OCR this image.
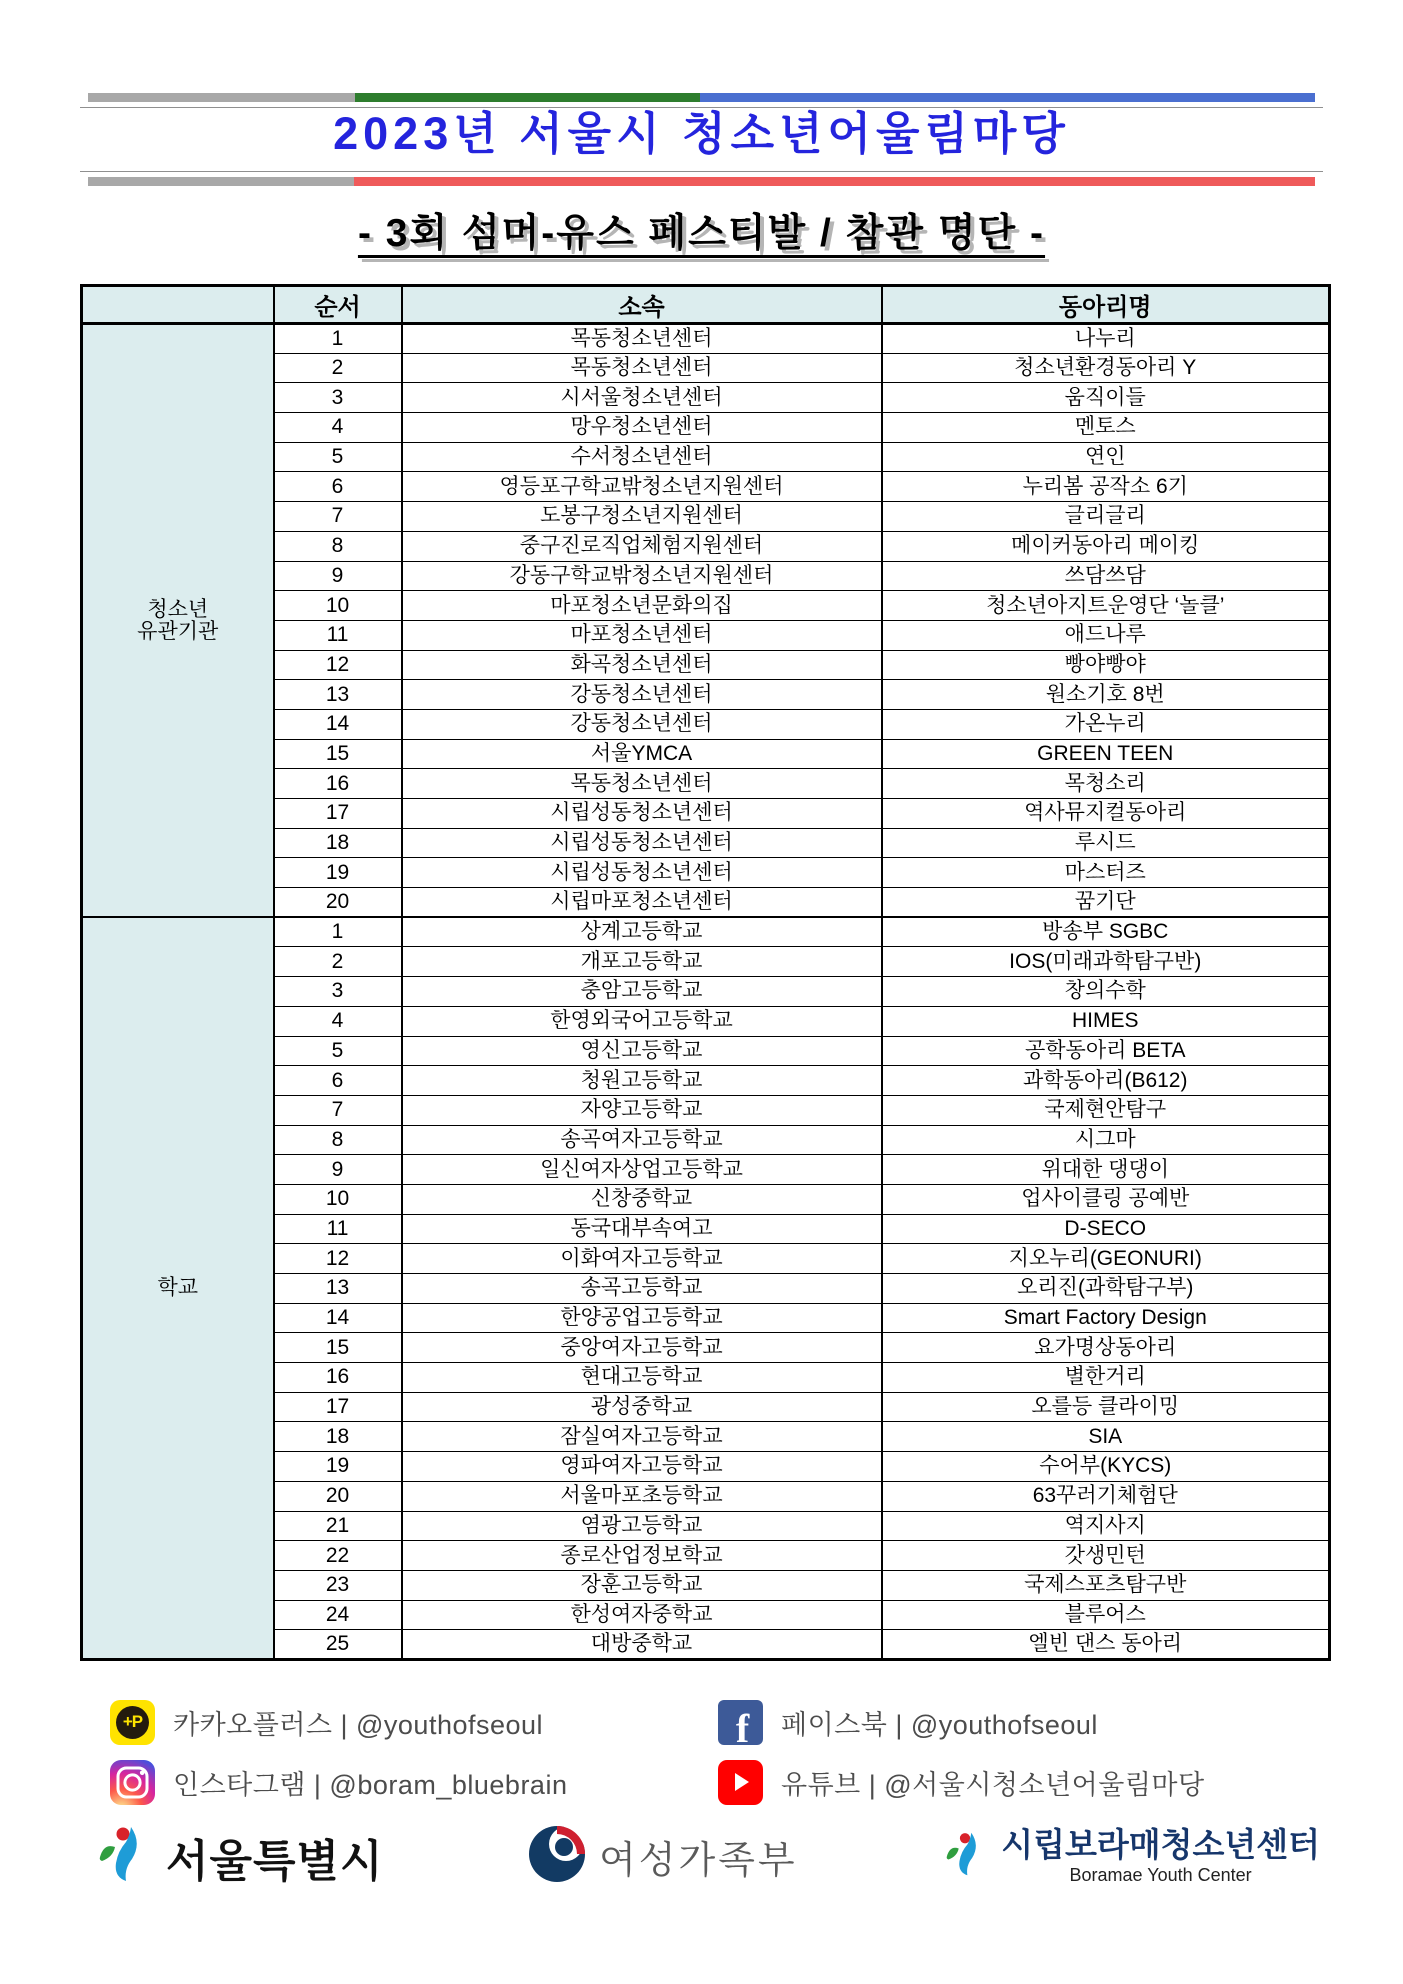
2023년 서울시 청소년어울림마당
- 3회 섬머-유스 페스티발 / 참관 명단 -
	순서	소속	동아리명
청소년
유관기관	1	목동청소년센터	나누리
	2	목동청소년센터	청소년환경동아리 Y
	3	시서울청소년센터	움직이들
	4	망우청소년센터	멘토스
	5	수서청소년센터	연인
	6	영등포구학교밖청소년지원센터	누리봄 공작소 6기
	7	도봉구청소년지원센터	글리글리
	8	중구진로직업체험지원센터	메이커동아리 메이킹
	9	강동구학교밖청소년지원센터	쓰담쓰담
	10	마포청소년문화의집	청소년아지트운영단 ‘놀클’
	11	마포청소년센터	애드나루
	12	화곡청소년센터	빵야빵야
	13	강동청소년센터	원소기호 8번
	14	강동청소년센터	가온누리
	15	서울YMCA	GREEN TEEN
	16	목동청소년센터	목청소리
	17	시립성동청소년센터	역사뮤지컬동아리
	18	시립성동청소년센터	루시드
	19	시립성동청소년센터	마스터즈
	20	시립마포청소년센터	꿈기단
학교	1	상계고등학교	방송부 SGBC
	2	개포고등학교	IOS(미래과학탐구반)
	3	충암고등학교	창의수학
	4	한영외국어고등학교	HIMES
	5	영신고등학교	공학동아리 BETA
	6	청원고등학교	과학동아리(B612)
	7	자양고등학교	국제현안탐구
	8	송곡여자고등학교	시그마
	9	일신여자상업고등학교	위대한 댕댕이
	10	신창중학교	업사이클링 공예반
	11	동국대부속여고	D-SECO
	12	이화여자고등학교	지오누리(GEONURI)
	13	송곡고등학교	오리진(과학탐구부)
	14	한양공업고등학교	Smart Factory Design
	15	중앙여자고등학교	요가명상동아리
	16	현대고등학교	별한거리
	17	광성중학교	오를등 클라이밍
	18	잠실여자고등학교	SIA
	19	영파여자고등학교	수어부(KYCS)
	20	서울마포초등학교	63꾸러기체험단
	21	염광고등학교	역지사지
	22	종로산업정보학교	갓생민턴
	23	장훈고등학교	국제스포츠탐구반
	24	한성여자중학교	블루어스
	25	대방중학교	엘빈 댄스 동아리
+P 카카오플러스 | @youthofseoul	f 페이스북 | @youthofseoul
인스타그램 | @boram_bluebrain	유튜브 | @서울시청소년어울림마당
서울특별시	여성가족부	시립보라매청소년센터
Boramae Youth Center
